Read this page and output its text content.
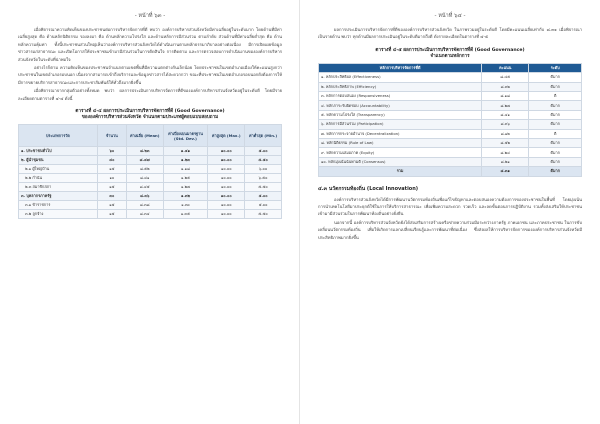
- หน้าที่ ๖๓ -

เมื่อพิจารณาความคิดเห็นของประชาชนต่อการบริหารจัดการที่ดี พบว่า องค์การบริหารส่วนจังหวัดมีค่าเฉลี่ยอยู่ในระดับมาก โดยด้านที่มีค่าเฉลี่ยสูงสุด คือ ด้านหลักนิติธรรม รองลงมา คือ ด้านหลักความโปร่งใส และด้านหลักการมีส่วนร่วม ตามลำดับ ส่วนด้านที่มีค่าเฉลี่ยต่ำสุด คือ ด้านหลักความคุ้มค่า ทั้งนี้ประชาชนส่วนใหญ่เห็นว่าองค์การบริหารส่วนจังหวัดได้ดำเนินงานตามหลักธรรมาภิบาลอย่างต่อเนื่อง มีการเปิดเผยข้อมูลข่าวสารแก่สาธารณะ และเปิดโอกาสให้ประชาชนเข้ามามีส่วนร่วมในการตัดสินใจ การติดตาม และการตรวจสอบการดำเนินงานขององค์การบริหารส่วนจังหวัดในระดับที่น่าพอใจ

อย่างไรก็ตาม ความคิดเห็นของประชาชนจำแนกตามเขตพื้นที่มีความแตกต่างกันเล็กน้อย โดยประชาชนในเขตอำเภอเมืองให้คะแนนสูงกว่าประชาชนในเขตอำเภอรอบนอก เนื่องจากสามารถเข้าถึงบริการและข้อมูลข่าวสารได้สะดวกกว่า ขณะที่ประชาชนในเขตอำเภอรอบนอกยังต้องการให้มีการขยายบริการสาธารณะและการประชาสัมพันธ์ให้ทั่วถึงมากยิ่งขึ้น

เมื่อพิจารณาจากกลุ่มตัวอย่างทั้งหมด พบว่า ผลการประเมินการบริหารจัดการที่ดีขององค์การบริหารส่วนจังหวัดอยู่ในระดับดี โดยมีรายละเอียดตามตารางที่ ๔-๔ ดังนี้

ตารางที่ ๔-๔ ผลการประเมินการบริหารจัดการที่ดี (Good Governance)
ขององค์การบริหารส่วนจังหวัด จำแนกตามประเภทผู้ตอบแบบสอบถาม
ประเภทการวัด	จำนวน	ค่าเฉลี่ย (Mean)	ค่าเบี่ยงเบนมาตรฐาน (Std. Dev.)	ค่าสูงสุด (Max.)	ค่าต่ำสุด (Min.)
๑. ประชาชนทั่วไป	๖๐	๘.๒๓	๑.๔๑	๑๐.๐๐	๕.๐๐
๒. ผู้นำชุมชน	๔๐	๘.๔๗	๑.๒๓	๑๐.๐๐	๕.๕๐
๒.๑ ผู้ใหญ่บ้าน	๑๕	๘.๕๒	๑.๑๘	๑๐.๐๐	๖.๐๐
๒.๒ กำนัน	๑๐	๘.๔๑	๑.๒๕	๑๐.๐๐	๖.๕๐
๒.๓ สมาชิกสภา	๑๕	๘.๔๕	๑.๒๗	๑๐.๐๐	๕.๕๐
๓. บุคลากรภาครัฐ	๓๐	๘.๓๖	๑.๓๒	๑๐.๐๐	๕.๐๐
๓.๑ ข้าราชการ	๑๕	๘.๓๘	๑.๓๐	๑๐.๐๐	๕.๐๐
๓.๒ ลูกจ้าง	๑๕	๘.๓๔	๑.๓๕	๑๐.๐๐	๕.๕๐
- หน้าที่ ๖๔ -

ผลการประเมินการบริหารจัดการที่ดีขององค์การบริหารส่วนจังหวัด ในภาพรวมอยู่ในระดับดี โดยมีคะแนนเฉลี่ยเท่ากับ ๘.๓๑ เมื่อพิจารณาเป็นรายด้าน พบว่า ทุกด้านมีผลการประเมินอยู่ในระดับดีมากถึงดี ดังรายละเอียดในตารางที่ ๔-๕

ตารางที่ ๔-๕ ผลการประเมินการบริหารจัดการที่ดี (Good Governance)
จำแนกตามหลักการ
หลักการบริหารจัดการที่ดี	คะแนน	ระดับ
๑. หลักประสิทธิผล (Effectiveness)	๘.๔๕	ดีมาก
๒. หลักประสิทธิภาพ (Efficiency)	๘.๓๒	ดีมาก
๓. หลักการตอบสนอง (Responsiveness)	๘.๑๘	ดี
๔. หลักภาระรับผิดชอบ (Accountability)	๘.๒๗	ดีมาก
๕. หลักความโปร่งใส (Transparency)	๘.๔๑	ดีมาก
๖. หลักการมีส่วนร่วม (Participation)	๘.๓๖	ดีมาก
๗. หลักการกระจายอำนาจ (Decentralization)	๘.๑๒	ดี
๘. หลักนิติธรรม (Rule of Law)	๘.๕๒	ดีมาก
๙. หลักความเสมอภาค (Equity)	๘.๒๔	ดีมาก
๑๐. หลักมุ่งเน้นฉันทามติ (Consensus)	๘.๒๑	ดีมาก
รวม	๘.๓๑	ดีมาก
๔.๓ นวัตกรรมท้องถิ่น (Local Innovation)

องค์การบริหารส่วนจังหวัดได้มีการพัฒนานวัตกรรมท้องถิ่นเพื่อแก้ไขปัญหาและตอบสนองความต้องการของประชาชนในพื้นที่ โดยมุ่งเน้นการนำเทคโนโลยีมาประยุกต์ใช้ในการให้บริการสาธารณะ เพื่อเพิ่มความสะดวก รวดเร็ว และลดขั้นตอนการปฏิบัติงาน รวมทั้งส่งเสริมให้ประชาชนเข้ามามีส่วนร่วมในการพัฒนาท้องถิ่นอย่างยั่งยืน

นอกจากนี้ องค์การบริหารส่วนจังหวัดยังได้ส่งเสริมการสร้างเครือข่ายความร่วมมือระหว่างภาครัฐ ภาคเอกชน และภาคประชาชน ในการขับเคลื่อนนวัตกรรมท้องถิ่น เพื่อให้เกิดการแลกเปลี่ยนเรียนรู้และการพัฒนาที่ต่อเนื่อง ซึ่งส่งผลให้การบริหารจัดการขององค์การบริหารส่วนจังหวัดมีประสิทธิภาพมากยิ่งขึ้น
